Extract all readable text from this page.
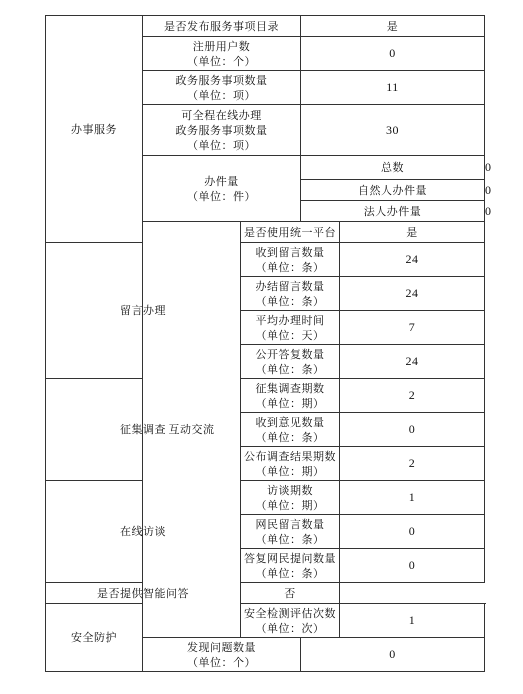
办事服务	是否发布服务事项目录		是		

	注册用户数
（单位：个）		0		

	政务服务事项数量
（单位：项）		11		

	可全程在线办理
政务服务事项数量
（单位：项）		30		

	办件量
（单位：件）		总数		0
			自然人办件量		0
			法人办件量		0
	互动交流	是否使用统一平台		是	
留言办理		收到留言数量
（单位：条）		24	

		办结留言数量
（单位：条）		24	

		平均办理时间
（单位：天）		7	

		公开答复数量
（单位：条）		24	
征集调查		征集调查期数
（单位：期）		2	

		收到意见数量
（单位：条）		0	

		公布调查结果期数
（单位：期）		2	
在线访谈		访谈期数
（单位：期）		1	

		网民留言数量
（单位：条）		0	

		答复网民提问数量
（单位：条）		0	
是否提供智能问答		否			
安全防护		安全检测评估次数
（单位：次）		1	

	发现问题数量
（单位：个）		0		
